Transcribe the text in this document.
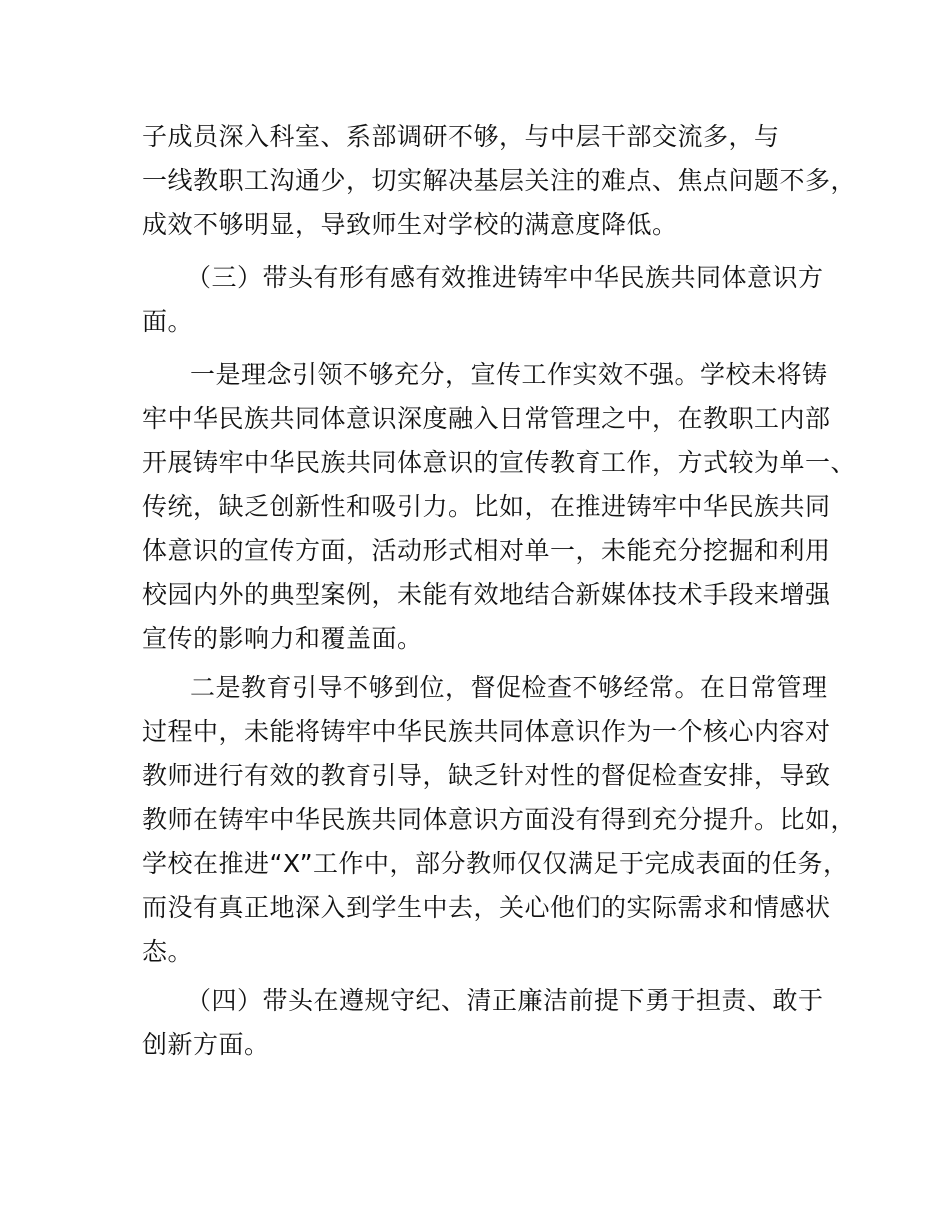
子成员深入科室、系部调研不够，与中层干部交流多，与
一线教职工沟通少，切实解决基层关注的难点、焦点问题不多，
成效不够明显，导致师生对学校的满意度降低。
（三）带头有形有感有效推进铸牢中华民族共同体意识方
面。
一是理念引领不够充分，宣传工作实效不强。学校未将铸
牢中华民族共同体意识深度融入日常管理之中，在教职工内部
开展铸牢中华民族共同体意识的宣传教育工作，方式较为单一、
传统，缺乏创新性和吸引力。比如，在推进铸牢中华民族共同
体意识的宣传方面，活动形式相对单一，未能充分挖掘和利用
校园内外的典型案例，未能有效地结合新媒体技术手段来增强
宣传的影响力和覆盖面。
二是教育引导不够到位，督促检查不够经常。在日常管理
过程中，未能将铸牢中华民族共同体意识作为一个核心内容对
教师进行有效的教育引导，缺乏针对性的督促检查安排，导致
教师在铸牢中华民族共同体意识方面没有得到充分提升。比如，
学校在推进“X”工作中，部分教师仅仅满足于完成表面的任务，
而没有真正地深入到学生中去，关心他们的实际需求和情感状
态。
（四）带头在遵规守纪、清正廉洁前提下勇于担责、敢于
创新方面。
